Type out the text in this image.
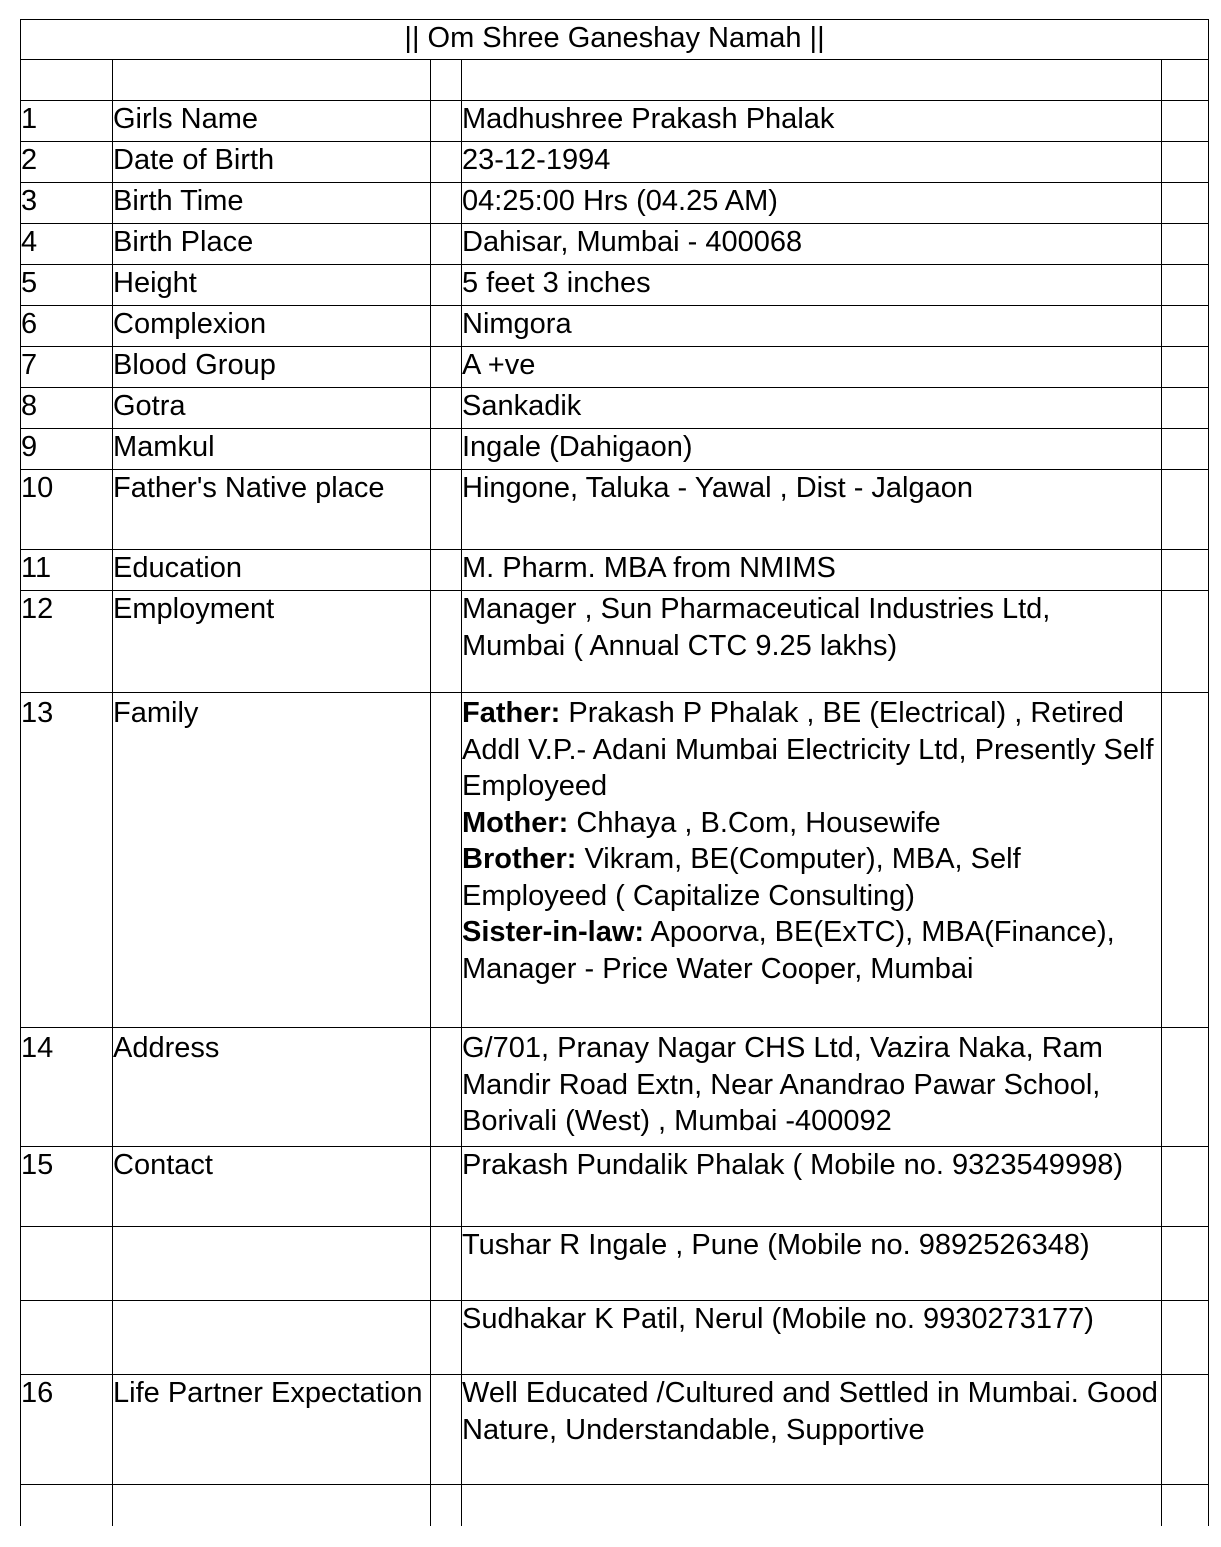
|| Om Shree Ganeshay Namah ||				

1	Girls Name		Madhushree Prakash Phalak	
2	Date of Birth		23-12-1994	
3	Birth Time		04:25:00 Hrs (04.25 AM)	
4	Birth Place		Dahisar, Mumbai - 400068	
5	Height		5 feet 3 inches	
6	Complexion		Nimgora	
7	Blood Group		A +ve	
8	Gotra		Sankadik	
9	Mamkul		Ingale (Dahigaon)	
10	Father's Native place		Hingone, Taluka - Yawal , Dist - Jalgaon	
11	Education		M. Pharm. MBA from NMIMS	
12	Employment		Manager , Sun Pharmaceutical Industries Ltd, Mumbai ( Annual CTC 9.25 lakhs)	
13	Family		Father: Prakash P Phalak , BE (Electrical) , Retired Addl V.P.- Adani Mumbai Electricity Ltd, Presently Self Employeed
Mother: Chhaya , B.Com, Housewife
Brother: Vikram, BE(Computer), MBA, Self Employeed ( Capitalize Consulting)
Sister-in-law: Apoorva, BE(ExTC), MBA(Finance), Manager - Price Water Cooper, Mumbai	

14	Address		G/701, Pranay Nagar CHS Ltd, Vazira Naka, Ram Mandir Road Extn, Near Anandrao Pawar School, Borivali (West) , Mumbai -400092	
15	Contact		Prakash Pundalik Phalak ( Mobile no. 9323549998)	
			Tushar R Ingale , Pune (Mobile no. 9892526348)	
			Sudhakar K Patil, Nerul (Mobile no. 9930273177)	
16	Life Partner Expectation		Well Educated /Cultured and Settled in Mumbai. Good Nature, Understandable, Supportive	
